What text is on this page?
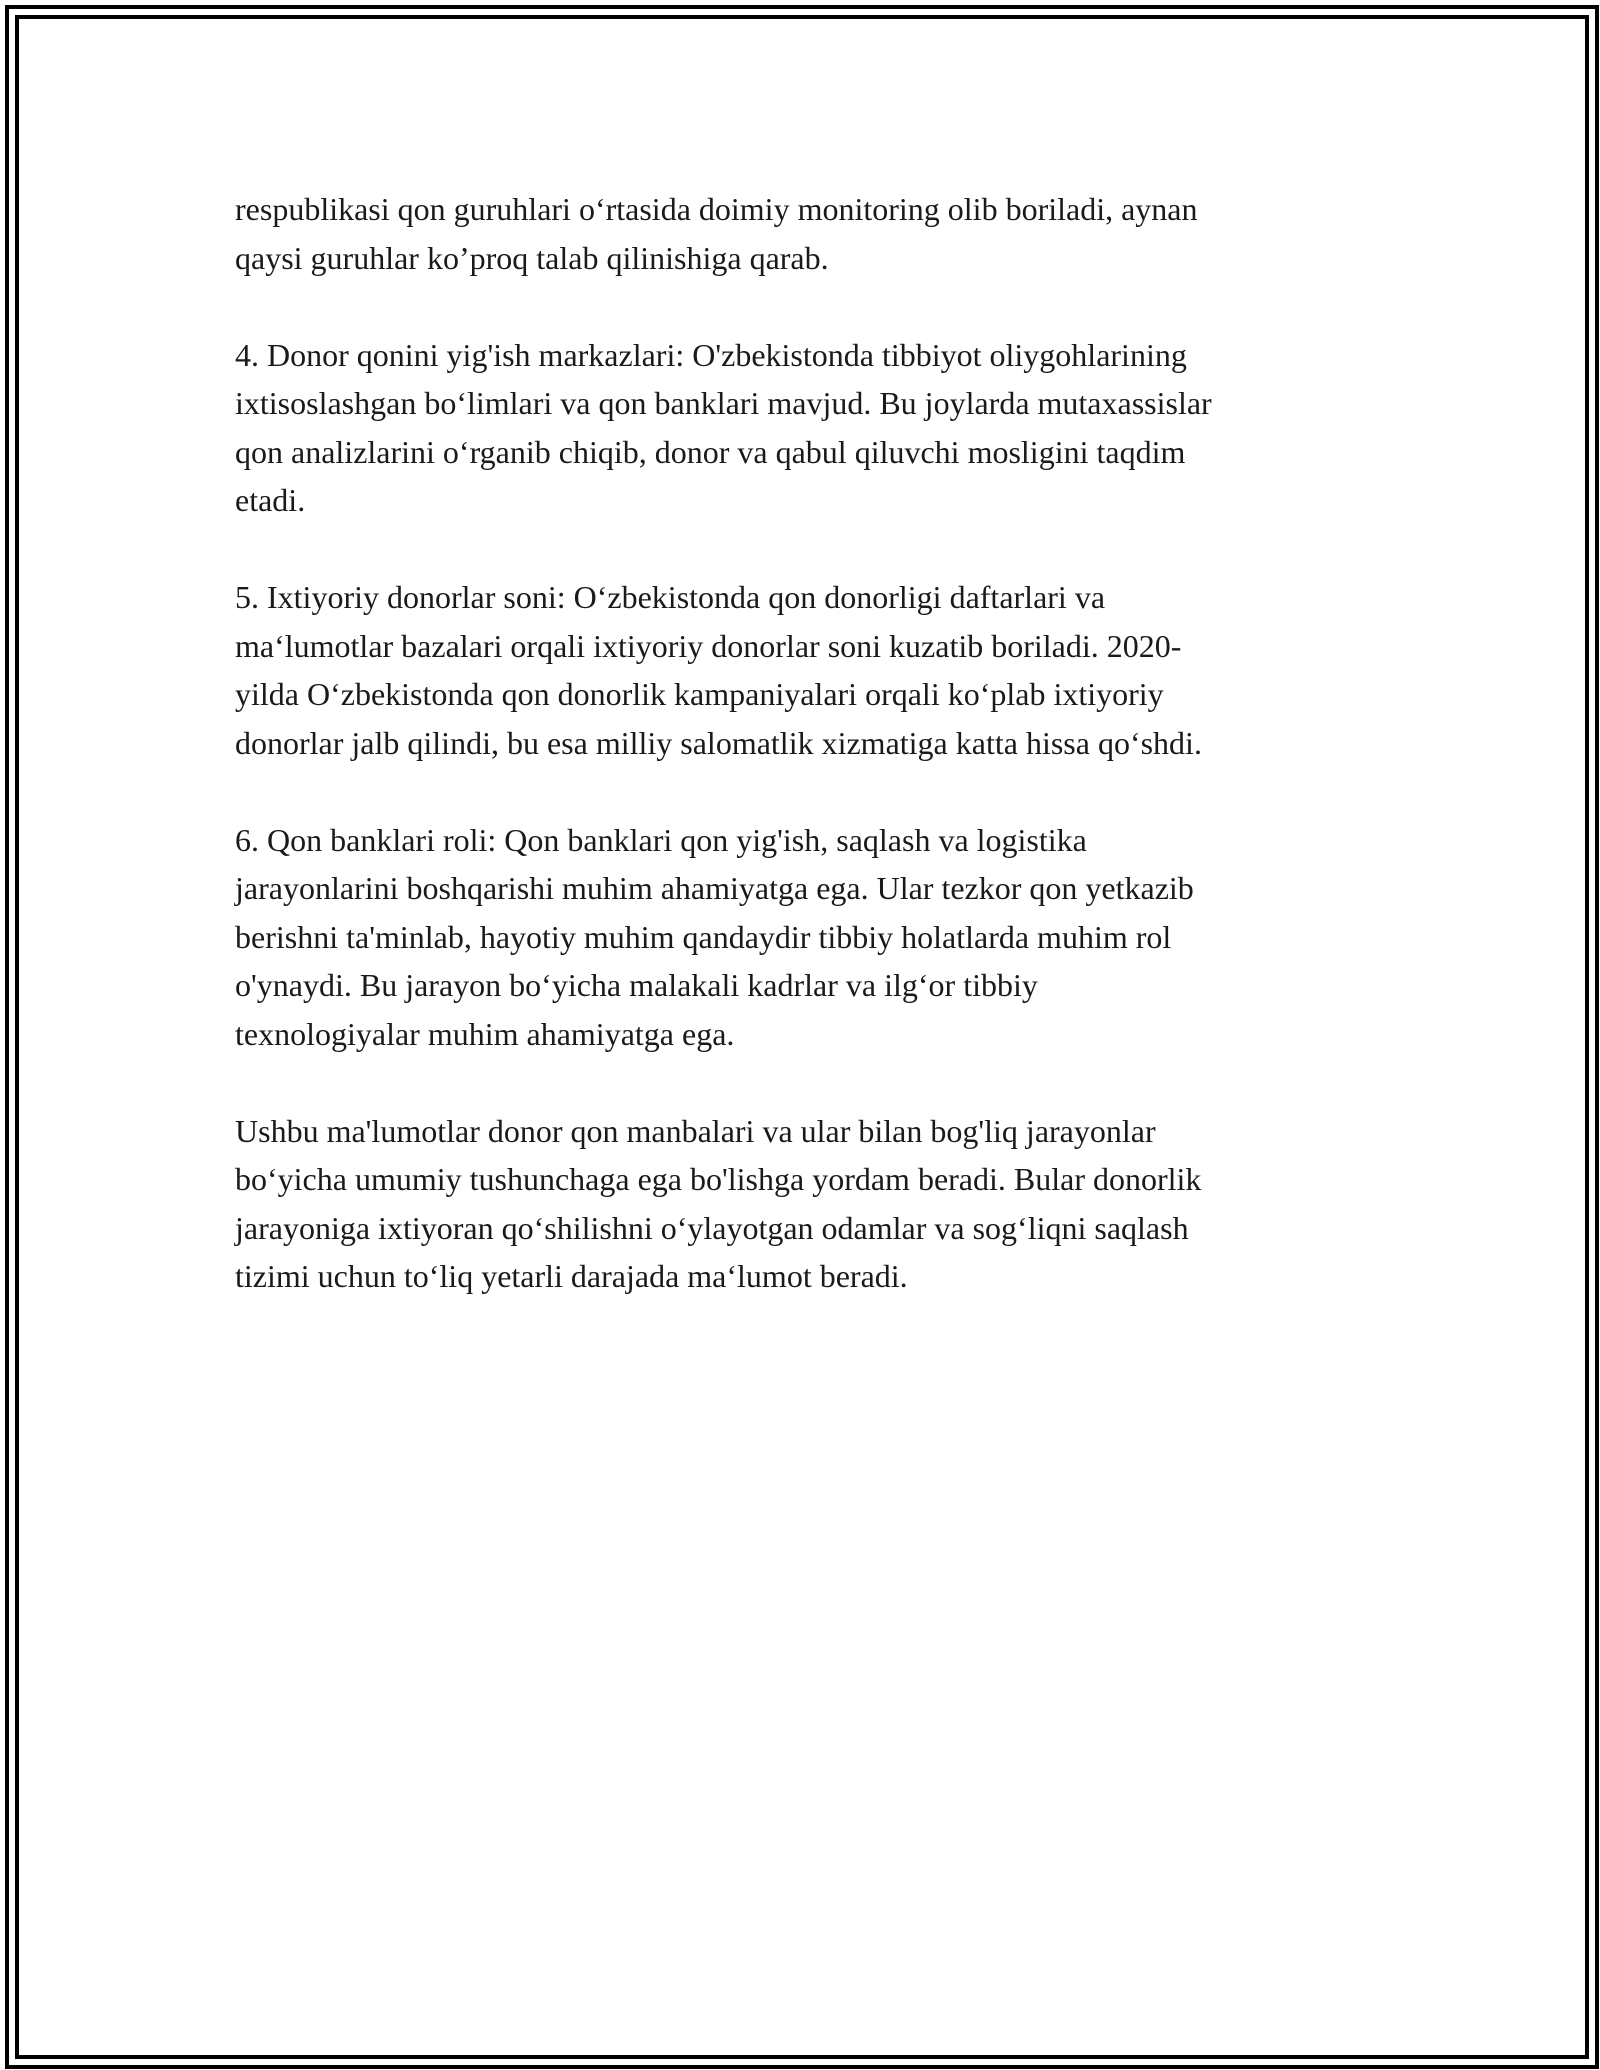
respublikasi qon guruhlari o‘rtasida doimiy monitoring olib boriladi, aynan
qaysi guruhlar ko’proq talab qilinishiga qarab.

4. Donor qonini yig'ish markazlari: O'zbekistonda tibbiyot oliygohlarining
ixtisoslashgan bo‘limlari va qon banklari mavjud. Bu joylarda mutaxassislar
qon analizlarini o‘rganib chiqib, donor va qabul qiluvchi mosligini taqdim
etadi.

5. Ixtiyoriy donorlar soni: O‘zbekistonda qon donorligi daftarlari va
ma‘lumotlar bazalari orqali ixtiyoriy donorlar soni kuzatib boriladi. 2020-
yilda O‘zbekistonda qon donorlik kampaniyalari orqali ko‘plab ixtiyoriy
donorlar jalb qilindi, bu esa milliy salomatlik xizmatiga katta hissa qo‘shdi.

6. Qon banklari roli: Qon banklari qon yig'ish, saqlash va logistika
jarayonlarini boshqarishi muhim ahamiyatga ega. Ular tezkor qon yetkazib
berishni ta'minlab, hayotiy muhim qandaydir tibbiy holatlarda muhim rol
o'ynaydi. Bu jarayon bo‘yicha malakali kadrlar va ilg‘or tibbiy
texnologiyalar muhim ahamiyatga ega.

Ushbu ma'lumotlar donor qon manbalari va ular bilan bog'liq jarayonlar
bo‘yicha umumiy tushunchaga ega bo'lishga yordam beradi. Bular donorlik
jarayoniga ixtiyoran qo‘shilishni o‘ylayotgan odamlar va sog‘liqni saqlash
tizimi uchun to‘liq yetarli darajada ma‘lumot beradi.
